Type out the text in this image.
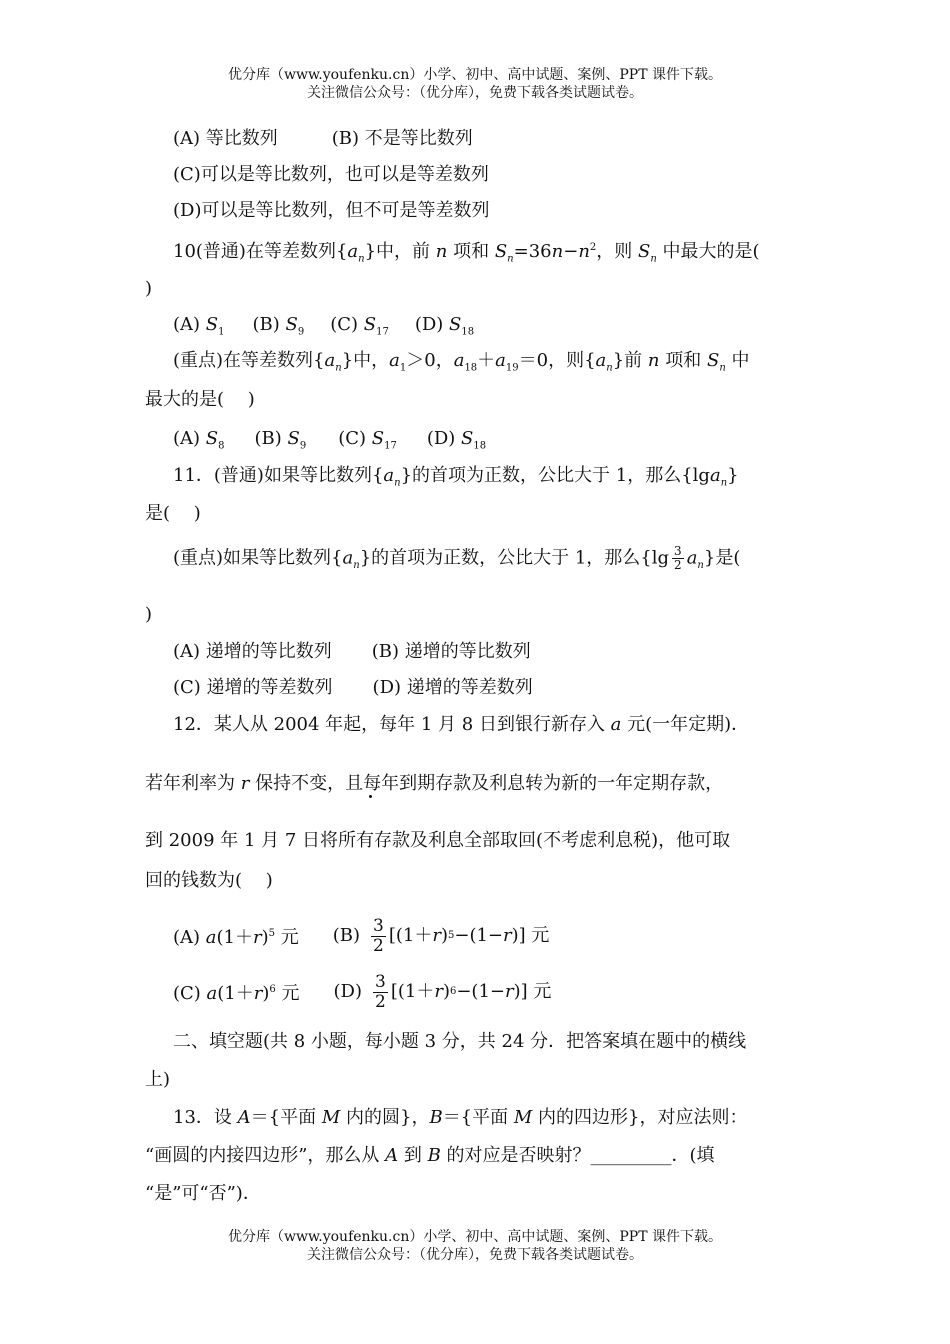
优分库（www.youfenku.cn）小学、初中、高中试题、案例、PPT 课件下载。
关注微信公众号：（优分库），免费下载各类试题试卷。
(A) 等比数列	(B) 不是等比数列
(C)可以是等比数列，也可以是等差数列
(D)可以是等比数列，但不可是等差数列
10(普通)在等差数列$\{a_n\}$中，前 n 项和 $S_n=36n-n^2$，则 $S_n$ 中最大的是(
)
(A) $S_1$ (B) $S_9$ (C) $S_{17}$ (D) $S_{18}$
(重点)在等差数列$\{a_n\}$中，$a_1>0$，$a_{18}+a_{19}=0$，则$\{a_n\}$前 n 项和 $S_n$ 中
最大的是(　 )
(A) $S_8$ (B) $S_9$ (C) $S_{17}$ (D) $S_{18}$
11．(普通)如果等比数列$\{a_n\}$的首项为正数，公比大于 1，那么{lga$_n$}
是(　 )
(重点)如果等比数列$\{a_n\}$的首项为正数，公比大于 1，那么$\{\lg \frac{3}{2} a_n\}$是(
)
(A) 递增的等比数列 (B) 递增的等比数列
(C) 递增的等差数列 (D) 递增的等差数列
12．某人从 2004 年起，每年 1 月 8 日到银行新存入 a 元(一年定期)．
若年利率为 r 保持不变，且每年到期存款及利息转为新的一年定期存款，
到 2009 年 1 月 7 日将所有存款及利息全部取回(不考虑利息税)，他可取
回的钱数为(　 )
(A) $a(1+r)^5$ 元 $(B) \frac{3}{2} [(1+ r$ ) 5 −(1− r )] 元
(C) $a(1+r)^6$ 元 $(D) \frac{3}{2} [(1+ r$ ) 6 −(1− r )] 元
二、填空题(共 8 小题，每小题 3 分，共 24 分．把答案填在题中的横线
上)
13．设 A＝{平面 M 内的圆}，B＝{平面 M 内的四边形}，对应法则：
“画圆的内接四边形”，那么从 A 到 B 的对应是否映射？_________．(填
“是”可“否”)．
优分库（www.youfenku.cn）小学、初中、高中试题、案例、PPT 课件下载。
关注微信公众号：（优分库），免费下载各类试题试卷。
